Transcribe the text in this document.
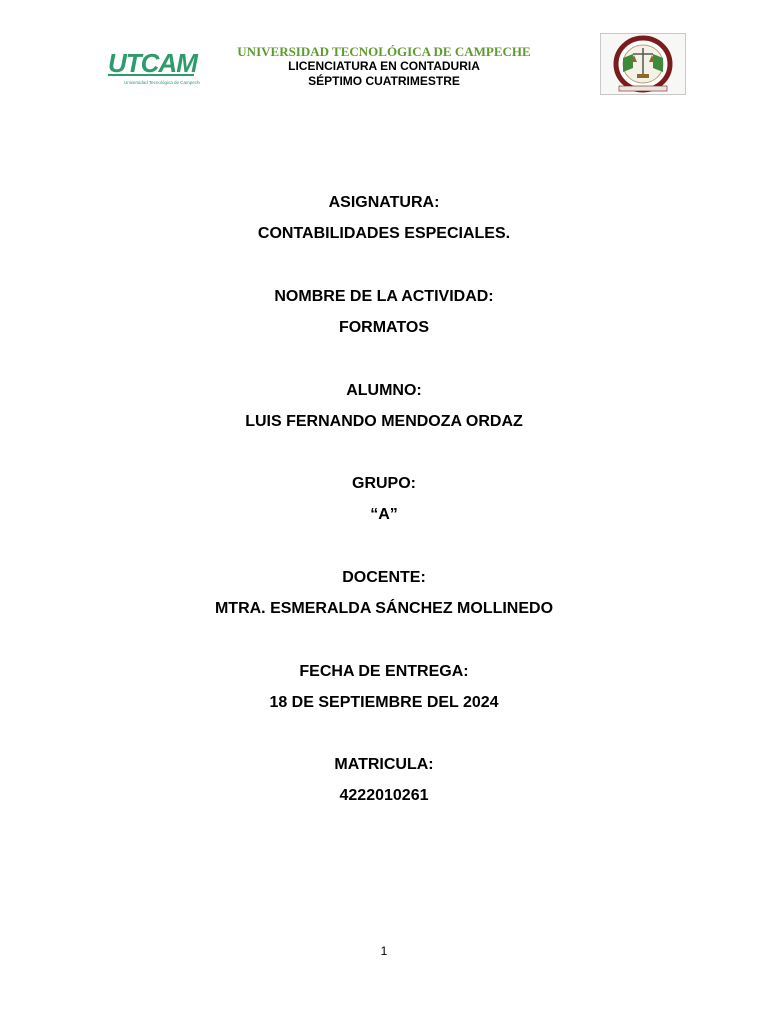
UTCAM
Universidad Tecnológica de Campeche
UNIVERSIDAD TECNOLÓGICA DE CAMPECHE
LICENCIATURA EN CONTADURIA
SÉPTIMO CUATRIMESTRE
ASIGNATURA:
CONTABILIDADES ESPECIALES.
NOMBRE DE LA ACTIVIDAD:
FORMATOS
ALUMNO:
LUIS FERNANDO MENDOZA ORDAZ
GRUPO:
“A”
DOCENTE:
MTRA. ESMERALDA SÁNCHEZ MOLLINEDO
FECHA DE ENTREGA:
18 DE SEPTIEMBRE DEL 2024
MATRICULA:
4222010261
1
